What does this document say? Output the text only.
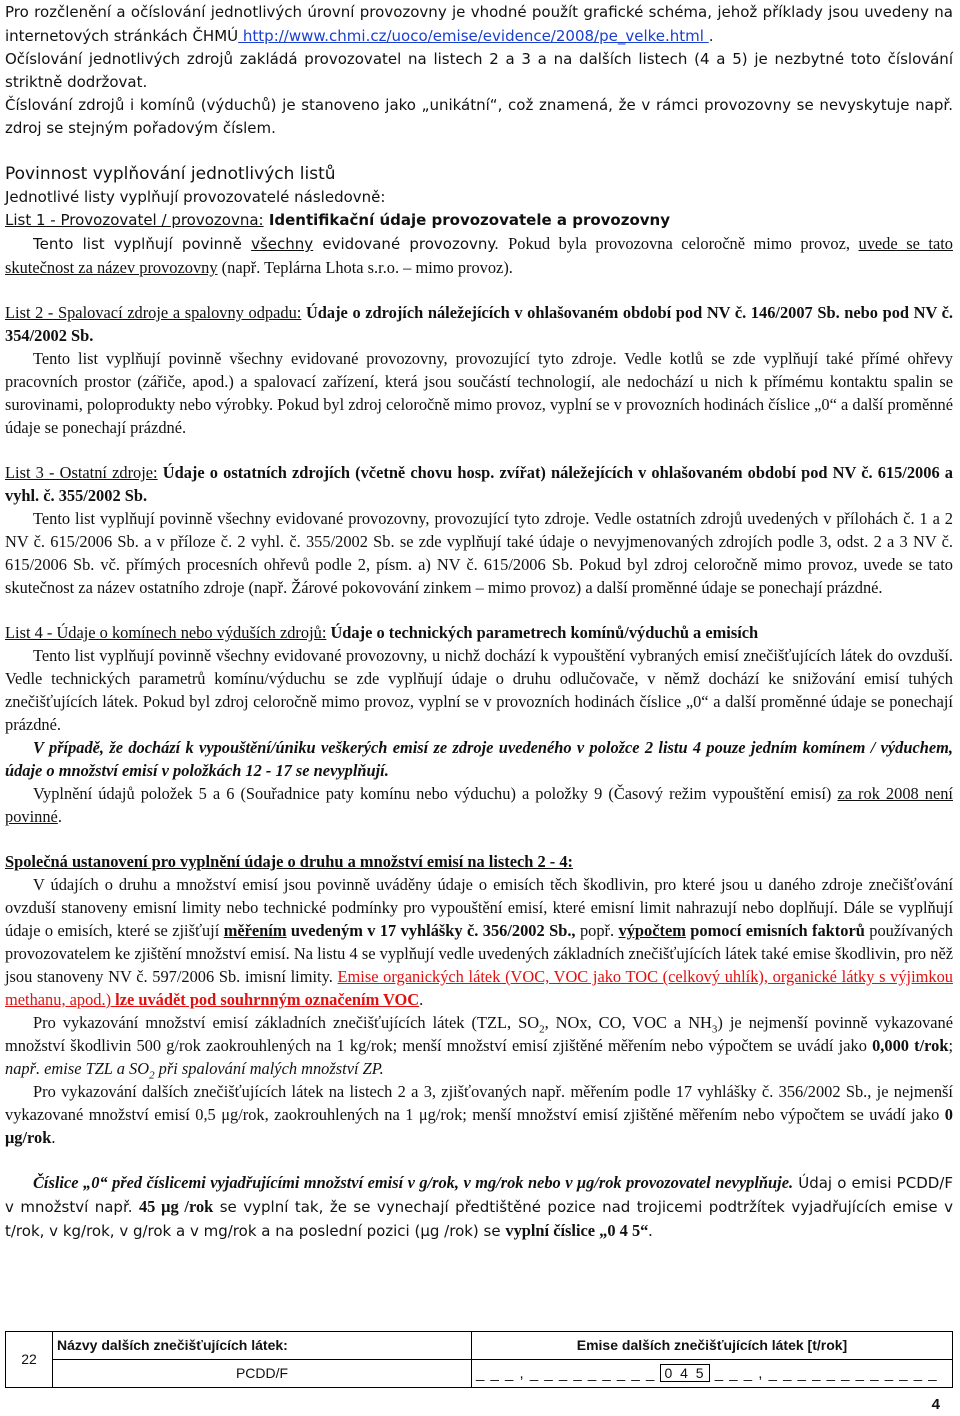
Pro rozčlenění a očíslování jednotlivých úrovní provozovny je vhodné použít grafické schéma, jehož příklady jsou uvedeny na internetových stránkách ČHMÚ http://www.chmi.cz/uoco/emise/evidence/2008/pe_velke.html .

Očíslování jednotlivých zdrojů zakládá provozovatel na listech 2 a 3 a na dalších listech (4 a 5) je nezbytné toto číslování striktně dodržovat.

Číslování zdrojů i komínů (výduchů) je stanoveno jako „unikátní“, což znamená, že v rámci provozovny se nevyskytuje např. zdroj se stejným pořadovým číslem.

Povinnost vyplňování jednotlivých listů

Jednotlivé listy vyplňují provozovatelé následovně:

List 1 - Provozovatel / provozovna: Identifikační údaje provozovatele a provozovny

Tento list vyplňují povinně všechny evidované provozovny. Pokud byla provozovna celoročně mimo provoz, uvede se tato skutečnost za název provozovny (např. Teplárna Lhota s.r.o. – mimo provoz).

List 2 - Spalovací zdroje a spalovny odpadu: Údaje o zdrojích náležejících v ohlašovaném období pod NV č. 146/2007 Sb. nebo pod NV č. 354/2002 Sb.

Tento list vyplňují povinně všechny evidované provozovny, provozující tyto zdroje. Vedle kotlů se zde vyplňují také přímé ohřevy pracovních prostor (zářiče, apod.) a spalovací zařízení, která jsou součástí technologií, ale nedochází u nich k přímému kontaktu spalin se surovinami, poloprodukty nebo výrobky. Pokud byl zdroj celoročně mimo provoz, vyplní se v provozních hodinách číslice „0“ a další proměnné údaje se ponechají prázdné.

List 3 - Ostatní zdroje: Údaje o ostatních zdrojích (včetně chovu hosp. zvířat) náležejících v ohlašovaném období pod NV č. 615/2006 a vyhl. č. 355/2002 Sb.

Tento list vyplňují povinně všechny evidované provozovny, provozující tyto zdroje. Vedle ostatních zdrojů uvedených v přílohách č. 1 a 2 NV č. 615/2006 Sb. a v příloze č. 2 vyhl. č. 355/2002 Sb. se zde vyplňují také údaje o nevyjmenovaných zdrojích podle 3, odst. 2 a 3 NV č. 615/2006 Sb. vč. přímých procesních ohřevů podle 2, písm. a) NV č. 615/2006 Sb. Pokud byl zdroj celoročně mimo provoz, uvede se tato skutečnost za název ostatního zdroje (např. Žárové pokovování zinkem – mimo provoz) a další proměnné údaje se ponechají prázdné.

List 4 - Údaje o komínech nebo výduších zdrojů: Údaje o technických parametrech komínů/výduchů a emisích

Tento list vyplňují povinně všechny evidované provozovny, u nichž dochází k vypouštění vybraných emisí znečišťujících látek do ovzduší. Vedle technických parametrů komínu/výduchu se zde vyplňují údaje o druhu odlučovače, v němž dochází ke snižování emisí tuhých znečišťujících látek. Pokud byl zdroj celoročně mimo provoz, vyplní se v provozních hodinách číslice „0“ a další proměnné údaje se ponechají prázdné.

V případě, že dochází k vypouštění/úniku veškerých emisí ze zdroje uvedeného v položce 2 listu 4 pouze jedním komínem / výduchem, údaje o množství emisí v položkách 12 - 17 se nevyplňují.

Vyplnění údajů položek 5 a 6 (Souřadnice paty komínu nebo výduchu) a položky 9 (Časový režim vypouštění emisí) za rok 2008 není povinné.

Společná ustanovení pro vyplnění údaje o druhu a množství emisí na listech 2 - 4:

V údajích o druhu a množství emisí jsou povinně uváděny údaje o emisích těch škodlivin, pro které jsou u daného zdroje znečišťování ovzduší stanoveny emisní limity nebo technické podmínky pro vypouštění emisí, které emisní limit nahrazují nebo doplňují. Dále se vyplňují údaje o emisích, které se zjišťují měřením uvedeným v 17 vyhlášky č. 356/2002 Sb., popř. výpočtem pomocí emisních faktorů používaných provozovatelem ke zjištění množství emisí. Na listu 4 se vyplňují vedle uvedených základních znečišťujících látek také emise škodlivin, pro něž jsou stanoveny NV č. 597/2006 Sb. imisní limity. Emise organických látek (VOC, VOC jako TOC (celkový uhlík), organické látky s výjimkou methanu, apod.) lze uvádět pod souhrnným označením VOC.

Pro vykazování množství emisí základních znečišťujících látek (TZL, $SO_2$, NOx, CO, VOC a $NH_3$) je nejmenší povinně vykazované množství škodlivin 500 g/rok zaokrouhlených na 1 kg/rok; menší množství emisí zjištěné měřením nebo výpočtem se uvádí jako 0,000 t/rok; např. emise TZL a $SO_2$ při spalování malých množství ZP.

Pro vykazování dalších znečišťujících látek na listech 2 a 3, zjišťovaných např. měřením podle 17 vyhlášky č. 356/2002 Sb., je nejmenší vykazované množství emisí 0,5 μg/rok, zaokrouhlených na 1 μg/rok; menší množství emisí zjištěné měřením nebo výpočtem se uvádí jako 0 μg/rok.

Číslice „0“ před číslicemi vyjadřujícími množství emisí v g/rok, v mg/rok nebo v μg/rok provozovatel nevyplňuje. Údaj o emisi PCDD/F v množství např. 45 μg /rok se vyplní tak, že se vynechají předtištěné pozice nad trojicemi podtržítek vyjadřujících emise v t/rok, v kg/rok, v g/rok a v mg/rok a na poslední pozici (μg /rok) se vyplní číslice „0 4 5“.

22	Názvy dalších znečišťujících látek:	Emise dalších znečišťujících látek [t/rok]
	PCDD/F	_ _ _ , _ _ _ _ _ _ _ _ _ 0 4 5 _ _ _ , _ _ _ _ _ _ _ _ _ _ _ _
4
